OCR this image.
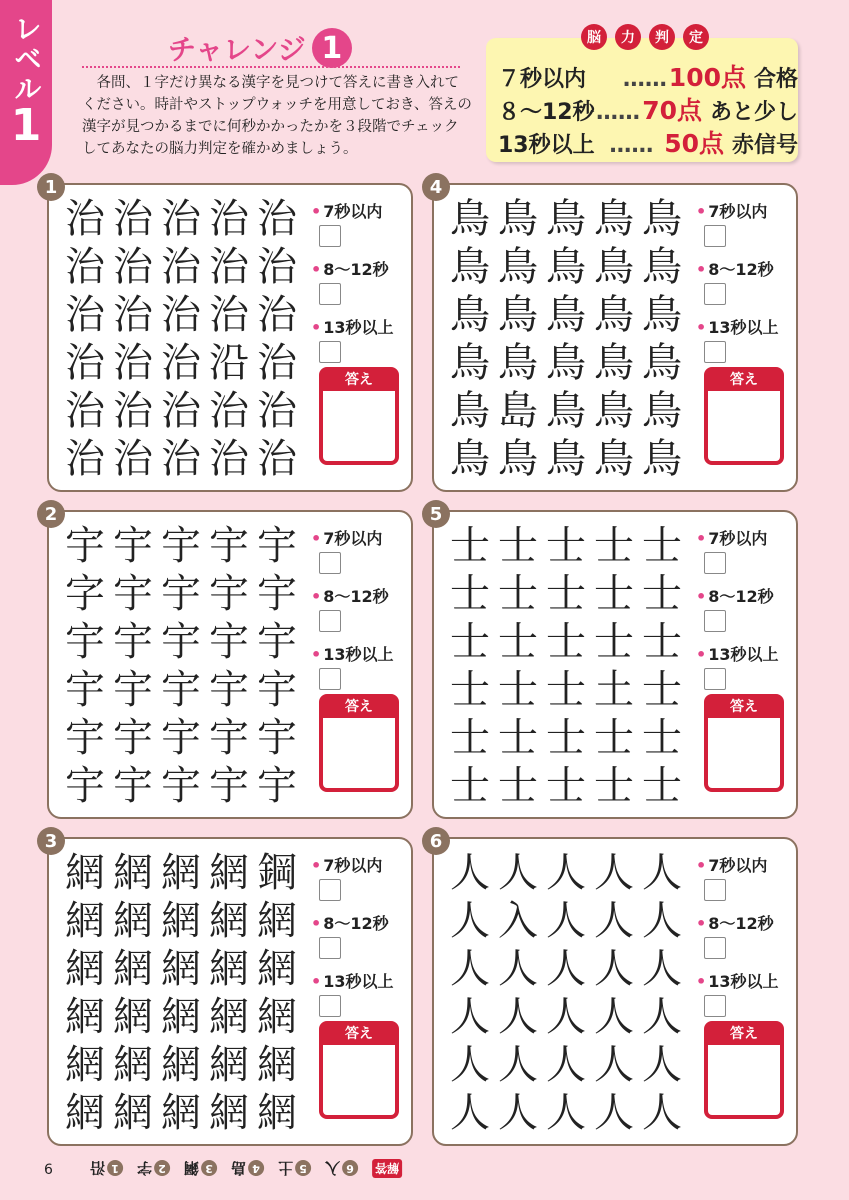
レベル
1
チャレンジ 1

各問、１字だけ異なる漢字を見つけて答えに書き入れてください。時計やストップウォッチを用意しておき、答えの漢字が見つかるまでに何秒かかったかを３段階でチェックしてあなたの脳力判定を確かめましょう。

脳	力	判	定
７秒以内	…… 100点 合格
８～12秒 …… 70点 あと少し
13秒以上 …… 50点 赤信号
1
治治治治治
治治治治治
治治治治治
治治治沿治
治治治治治
治治治治治
• 7秒以内
• 8～12秒
• 13秒以上
答え
2
宇宇宇宇宇
字宇宇宇宇
宇宇宇宇宇
宇宇宇宇宇
宇宇宇宇宇
宇宇宇宇宇
• 7秒以内
• 8～12秒
• 13秒以上
答え
3
網網網網鋼
網網網網網
網網網網網
網網網網網
網網網網網
網網網網網
• 7秒以内
• 8～12秒
• 13秒以上
答え
4
鳥鳥鳥鳥鳥
鳥鳥鳥鳥鳥
鳥鳥鳥鳥鳥
鳥鳥鳥鳥鳥
鳥島鳥鳥鳥
鳥鳥鳥鳥鳥
• 7秒以内
• 8～12秒
• 13秒以上
答え
5
士士士士士
士士士士士
士士士士士
士士士土士
士士士士士
士士士士士
• 7秒以内
• 8～12秒
• 13秒以上
答え
6
人人人人人
人入人人人
人人人人人
人人人人人
人人人人人
人人人人人
• 7秒以内
• 8～12秒
• 13秒以上
答え
6	1
沿	2
字	3
鋼	4
島	5
土	6
入	解答
